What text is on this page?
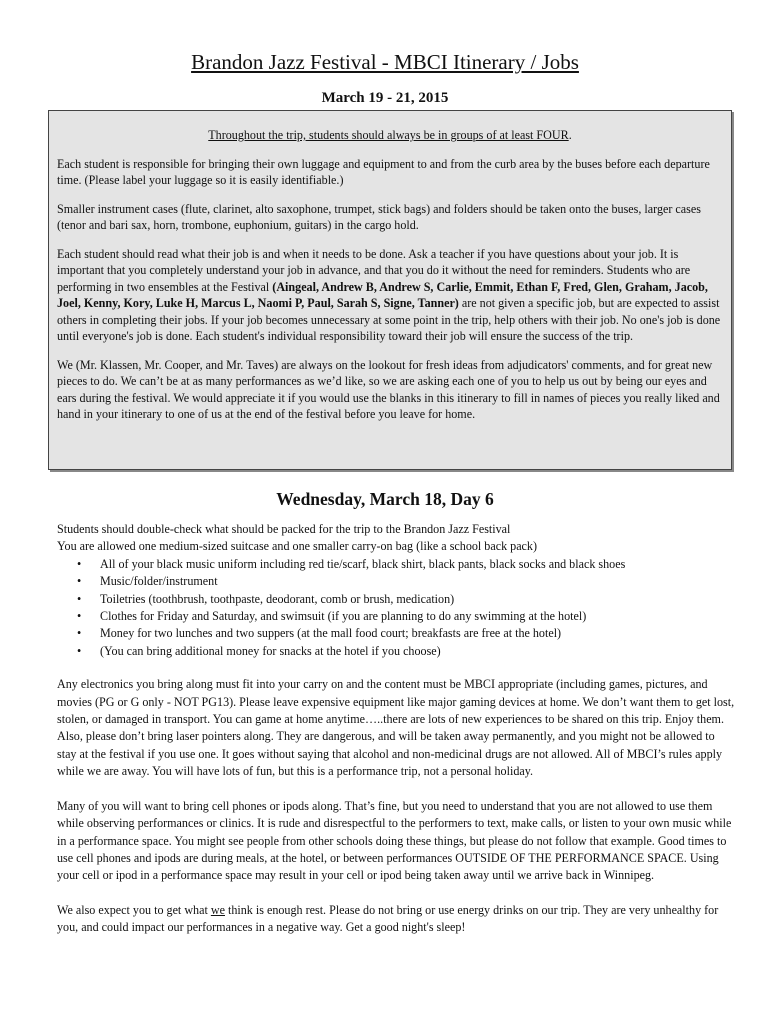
Brandon Jazz Festival - MBCI Itinerary / Jobs
March 19 - 21, 2015

Throughout the trip, students should always be in groups of at least FOUR.

Each student is responsible for bringing their own luggage and equipment to and from the curb area by the buses before each departure time. (Please label your luggage so it is easily identifiable.)

Smaller instrument cases (flute, clarinet, alto saxophone, trumpet, stick bags) and folders should be taken onto the buses, larger cases (tenor and bari sax, horn, trombone, euphonium, guitars) in the cargo hold.

Each student should read what their job is and when it needs to be done. Ask a teacher if you have questions about your job. It is important that you completely understand your job in advance, and that you do it without the need for reminders. Students who are performing in two ensembles at the Festival (Aingeal, Andrew B, Andrew S, Carlie, Emmit, Ethan F, Fred, Glen, Graham, Jacob, Joel, Kenny, Kory, Luke H, Marcus L, Naomi P, Paul, Sarah S, Signe, Tanner) are not given a specific job, but are expected to assist others in completing their jobs. If your job becomes unnecessary at some point in the trip, help others with their job. No one's job is done until everyone's job is done. Each student's individual responsibility toward their job will ensure the success of the trip.

We (Mr. Klassen, Mr. Cooper, and Mr. Taves) are always on the lookout for fresh ideas from adjudicators' comments, and for great new pieces to do. We can’t be at as many performances as we’d like, so we are asking each one of you to help us out by being our eyes and ears during the festival. We would appreciate it if you would use the blanks in this itinerary to fill in names of pieces you really liked and hand in your itinerary to one of us at the end of the festival before you leave for home.

Wednesday, March 18, Day 6

Students should double-check what should be packed for the trip to the Brandon Jazz Festival

You are allowed one medium-sized suitcase and one smaller carry-on bag (like a school back pack)

• All of your black music uniform including red tie/scarf, black shirt, black pants, black socks and black shoes
• Music/folder/instrument
• Toiletries (toothbrush, toothpaste, deodorant, comb or brush, medication)
• Clothes for Friday and Saturday, and swimsuit (if you are planning to do any swimming at the hotel)
• Money for two lunches and two suppers (at the mall food court; breakfasts are free at the hotel)
• (You can bring additional money for snacks at the hotel if you choose)

Any electronics you bring along must fit into your carry on and the content must be MBCI appropriate (including games, pictures, and movies (PG or G only - NOT PG13). Please leave expensive equipment like major gaming devices at home. We don’t want them to get lost, stolen, or damaged in transport. You can game at home anytime…..there are lots of new experiences to be shared on this trip. Enjoy them. Also, please don’t bring laser pointers along. They are dangerous, and will be taken away permanently, and you might not be allowed to stay at the festival if you use one. It goes without saying that alcohol and non-medicinal drugs are not allowed. All of MBCI’s rules apply while we are away. You will have lots of fun, but this is a performance trip, not a personal holiday.

Many of you will want to bring cell phones or ipods along. That’s fine, but you need to understand that you are not allowed to use them while observing performances or clinics. It is rude and disrespectful to the performers to text, make calls, or listen to your own music while in a performance space. You might see people from other schools doing these things, but please do not follow that example. Good times to use cell phones and ipods are during meals, at the hotel, or between performances OUTSIDE OF THE PERFORMANCE SPACE. Using your cell or ipod in a performance space may result in your cell or ipod being taken away until we arrive back in Winnipeg.

We also expect you to get what we think is enough rest. Please do not bring or use energy drinks on our trip. They are very unhealthy for you, and could impact our performances in a negative way. Get a good night's sleep!
